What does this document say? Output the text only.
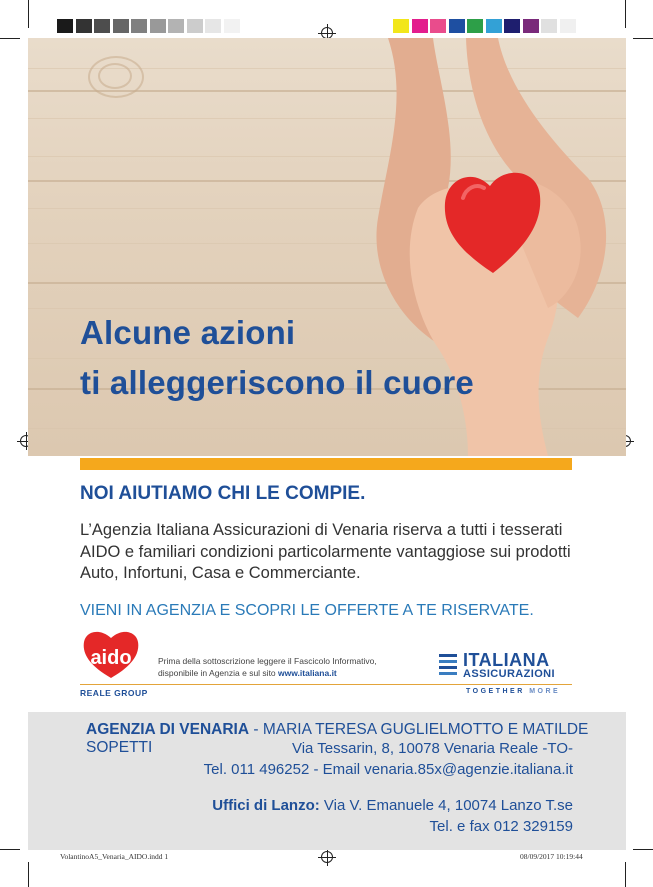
Alcune azioni
ti alleggeriscono il cuore
NOI AIUTIAMO CHI LE COMPIE.
L’Agenzia Italiana Assicurazioni di Venaria riserva a tutti i tesserati
AIDO e familiari condizioni particolarmente vantaggiose sui prodotti
Auto, Infortuni, Casa e Commerciante.
VIENI IN AGENZIA E SCOPRI LE OFFERTE A TE RISERVATE.
aido
REALE GROUP
Prima della sottoscrizione leggere il Fascicolo Informativo,
disponibile in Agenzia e sul sito www.italiana.it
ITALIANA
ASSICURAZIONI
TOGETHER MORE
AGENZIA DI VENARIA - MARIA TERESA GUGLIELMOTTO E MATILDE SOPETTI	Via Tessarin, 8, 10078 Venaria Reale -TO-
Tel. 011 496252 - Email venaria.85x@agenzie.italiana.it
Uffici di Lanzo: Via V. Emanuele 4, 10074 Lanzo T.se
Tel. e fax 012 329159
VolantinoA5_Venaria_AIDO.indd 1	08/09/2017 10:19:44
